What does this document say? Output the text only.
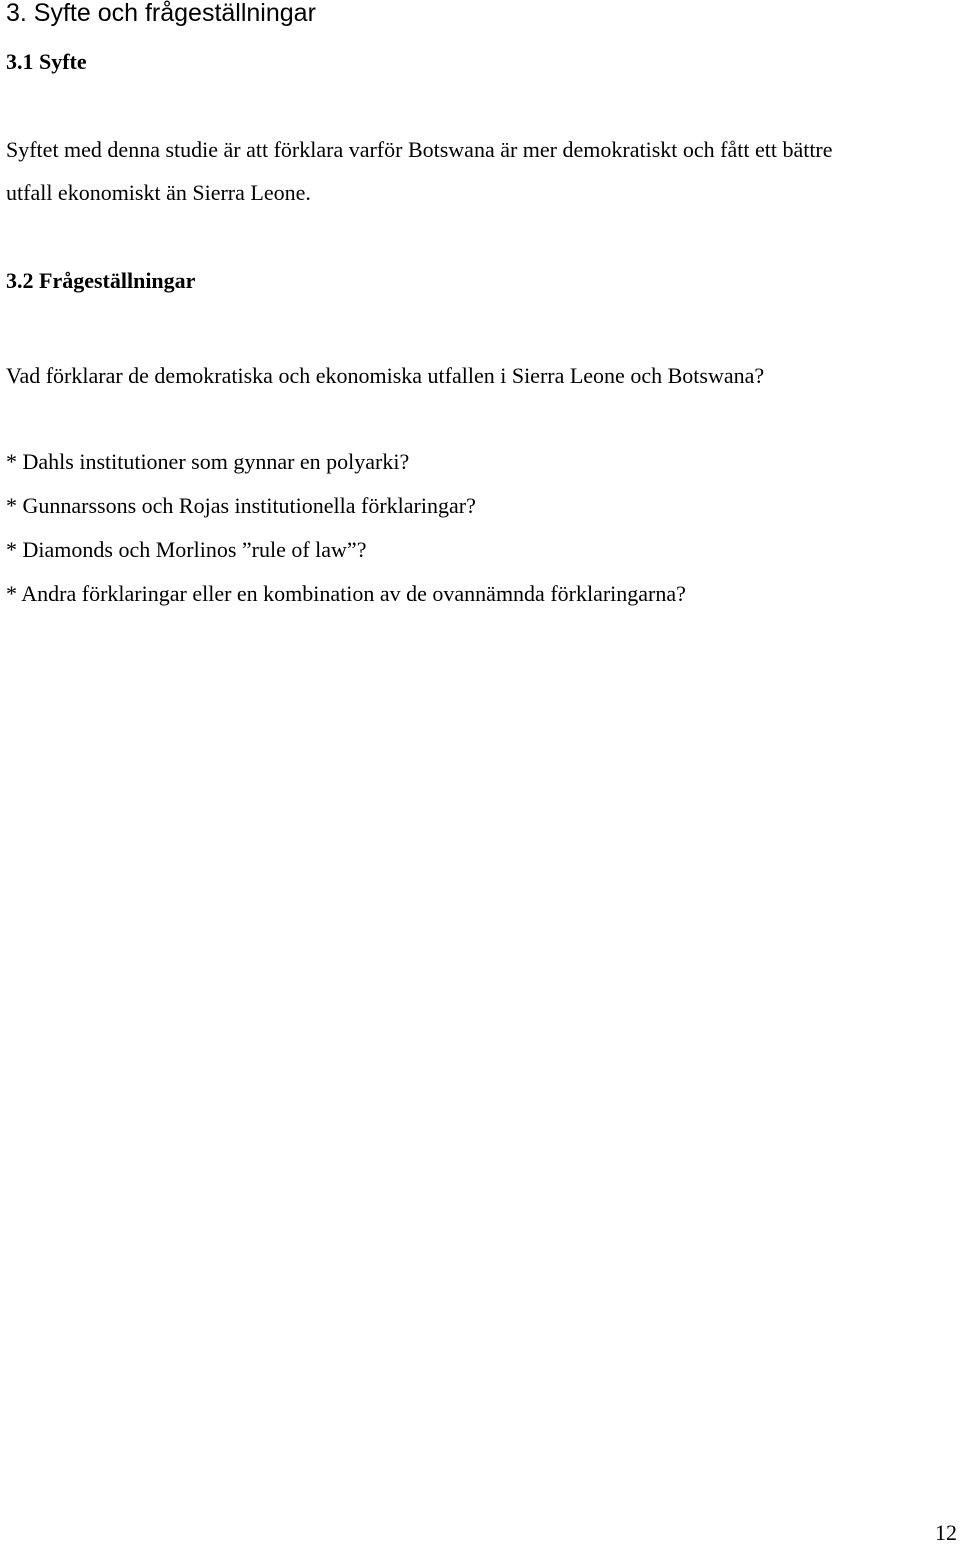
3. Syfte och frågeställningar
3.1 Syfte

Syftet med denna studie är att förklara varför Botswana är mer demokratiskt och fått ett bättre

utfall ekonomiskt än Sierra Leone.

3.2 Frågeställningar

Vad förklarar de demokratiska och ekonomiska utfallen i Sierra Leone och Botswana?

* Dahls institutioner som gynnar en polyarki?

* Gunnarssons och Rojas institutionella förklaringar?

* Diamonds och Morlinos ”rule of law”?

* Andra förklaringar eller en kombination av de ovannämnda förklaringarna?

12
